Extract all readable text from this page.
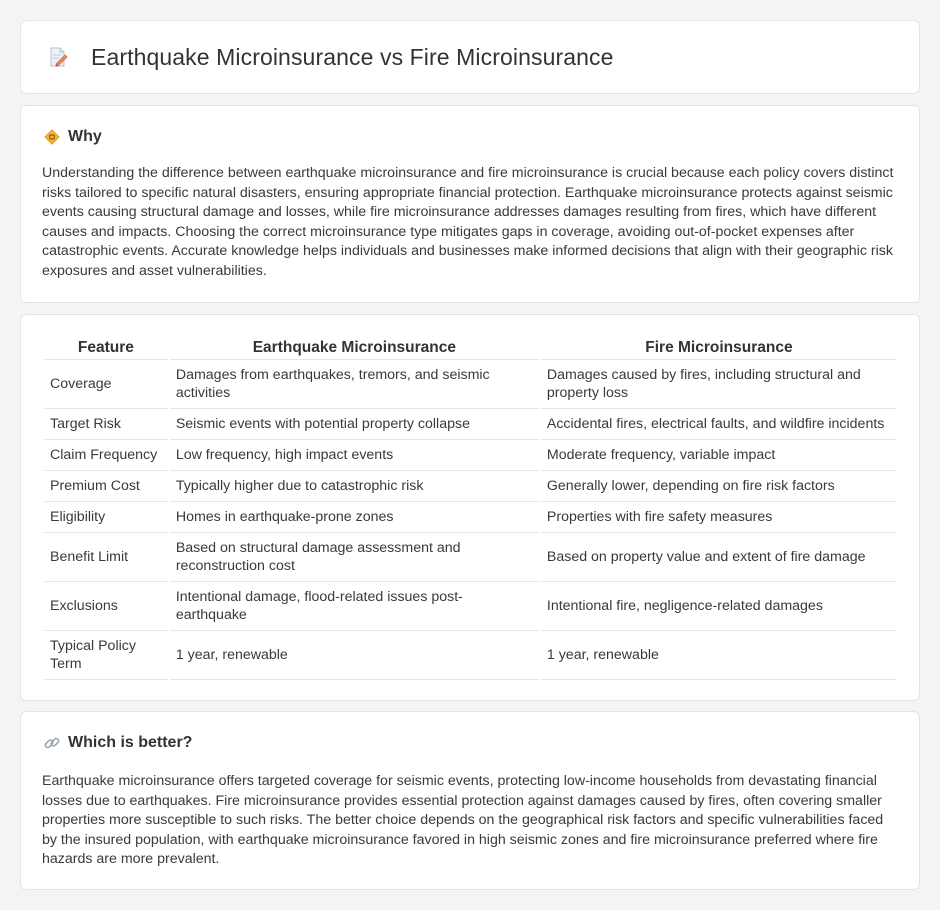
Earthquake Microinsurance vs Fire Microinsurance
Why

Understanding the difference between earthquake microinsurance and fire microinsurance is crucial because each policy covers distinct risks tailored to specific natural disasters, ensuring appropriate financial protection. Earthquake microinsurance protects against seismic events causing structural damage and losses, while fire microinsurance addresses damages resulting from fires, which have different causes and impacts. Choosing the correct microinsurance type mitigates gaps in coverage, avoiding out-of-pocket expenses after catastrophic events. Accurate knowledge helps individuals and businesses make informed decisions that align with their geographic risk exposures and asset vulnerabilities.

Feature	Earthquake Microinsurance	Fire Microinsurance
Coverage	Damages from earthquakes, tremors, and seismic activities	Damages caused by fires, including structural and property loss
Target Risk	Seismic events with potential property collapse	Accidental fires, electrical faults, and wildfire incidents
Claim Frequency	Low frequency, high impact events	Moderate frequency, variable impact
Premium Cost	Typically higher due to catastrophic risk	Generally lower, depending on fire risk factors
Eligibility	Homes in earthquake-prone zones	Properties with fire safety measures
Benefit Limit	Based on structural damage assessment and reconstruction cost	Based on property value and extent of fire damage
Exclusions	Intentional damage, flood-related issues post-earthquake	Intentional fire, negligence-related damages
Typical Policy Term	1 year, renewable	1 year, renewable
Which is better?

Earthquake microinsurance offers targeted coverage for seismic events, protecting low-income households from devastating financial losses due to earthquakes. Fire microinsurance provides essential protection against damages caused by fires, often covering smaller properties more susceptible to such risks. The better choice depends on the geographical risk factors and specific vulnerabilities faced by the insured population, with earthquake microinsurance favored in high seismic zones and fire microinsurance preferred where fire hazards are more prevalent.
